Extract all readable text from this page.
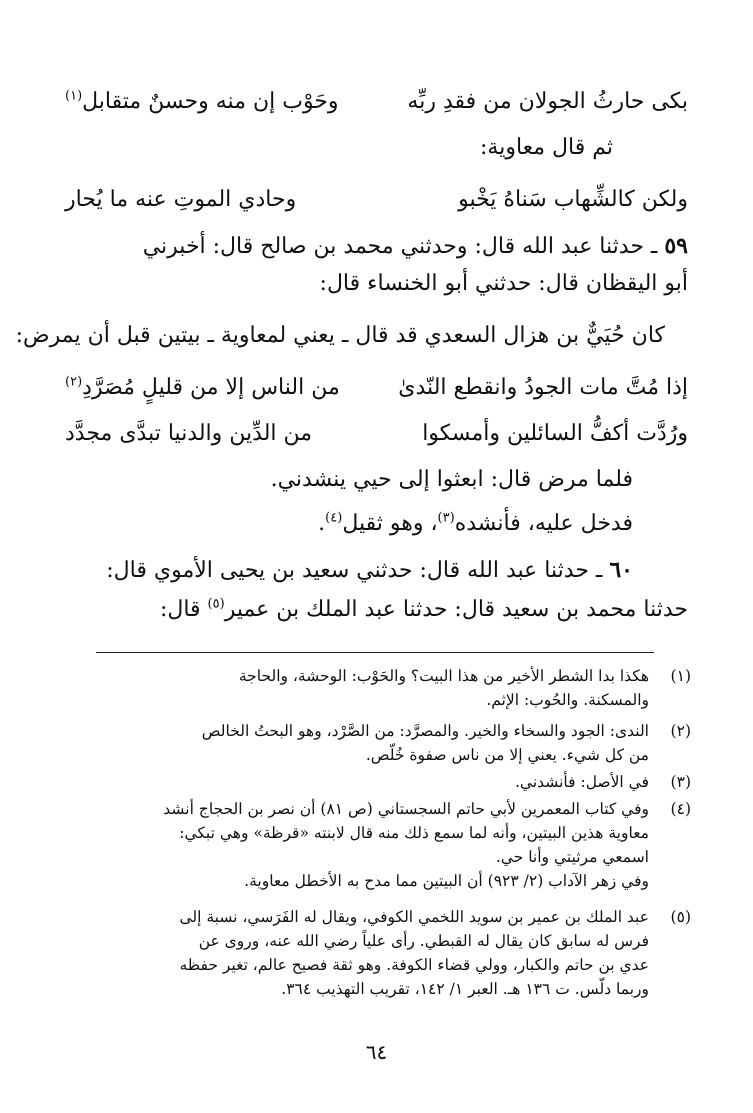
بكى حارثُ الجولان من فقدِ ربِّه
وحَوْب إن منه وحسنٌ متقابل$^{(١)}$
ثم قال معاوية:
ولكن كالشِّهاب سَناهُ يَخْبو
وحادي الموتِ عنه ما يُحار
٥٩ ـ حدثنا عبد الله قال: وحدثني محمد بن صالح قال: أخبرني
أبو اليقظان قال: حدثني أبو الخنساء قال:
كان حُيَيٌّ بن هزال السعدي قد قال ـ يعني لمعاوية ـ بيتين قبل أن يمرض:
إذا مُتَّ مات الجودُ وانقطع النّدىٰ
من الناس إلا من قليلٍ مُصَرَّدِ$^{(٢)}$
ورُدَّت أكفُّ السائلين وأمسكوا
من الدِّين والدنيا تبدَّى مجدَّد
فلما مرض قال: ابعثوا إلى حيي ينشدني.
فدخل عليه، فأنشده$^{(٣)}$، وهو ثقيل$^{(٤)}$.
٦٠ ـ حدثنا عبد الله قال: حدثني سعيد بن يحيى الأموي قال:
حدثنا محمد بن سعيد قال: حدثنا عبد الملك بن عمير$^{(٥)}$ قال:
(١)
هكذا بدا الشطر الأخير من هذا البيت؟ والحَوْب: الوحشة، والحاجة
والمسكنة. والحُوب: الإثم.
(٢)
الندى: الجود والسخاء والخير. والمصرَّد: من الصَّرْد، وهو البحتُ الخالص
من كل شيء. يعني إلا من ناس صفوة خُلَّص.
(٣)
في الأصل: فأنشدني.
(٤)
وفي كتاب المعمرين لأبي حاتم السجستاني (ص ٨١) أن نصر بن الحجاج أنشد
معاوية هذين البيتين، وأنه لما سمع ذلك منه قال لابنته «قرظة» وهي تبكي:
اسمعي مرثيتي وأنا حي.
وفي زهر الآداب (٢/ ٩٢٣) أن البيتين مما مدح به الأخطل معاوية.
(٥)
عبد الملك بن عمير بن سويد اللخمي الكوفي، ويقال له الفَرَسي، نسبة إلى
فرس له سابق كان يقال له القبطي. رأى علياً رضي الله عنه، وروى عن
عدي بن حاتم والكبار، وولي قضاء الكوفة. وهو ثقة فصيح عالم، تغير حفظه
وربما دلَّس. ت ١٣٦ هـ. العبر ١/ ١٤٢، تقريب التهذيب ٣٦٤.
٦٤
